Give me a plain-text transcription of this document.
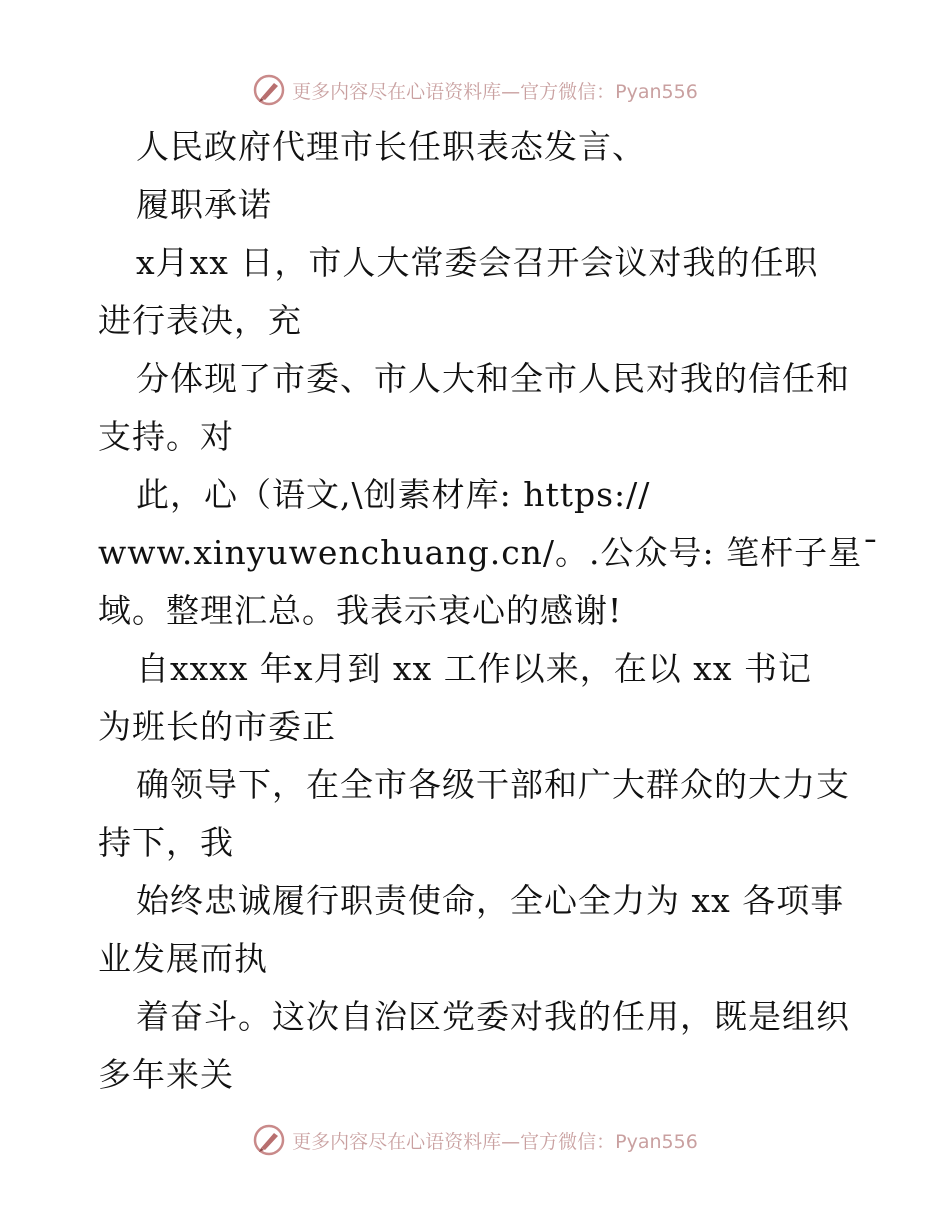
更多内容尽在心语资料库—官方微信：Pyan556
人民政府代理市长任职表态发言、
履职承诺
x月xx 日，市人大常委会召开会议对我的任职
进行表决，充
分体现了市委、市人大和全市人民对我的信任和
支持。对
此，心（语文,\创素材库: https://
www.xinyuwenchuang.cn/。.公众号: 笔杆子星¯
域。整理汇总。我表示衷心的感谢!
自xxxx 年x月到 xx 工作以来，在以 xx 书记
为班长的市委正
确领导下，在全市各级干部和广大群众的大力支
持下，我
始终忠诚履行职责使命，全心全力为 xx 各项事
业发展而执
着奋斗。这次自治区党委对我的任用，既是组织
多年来关
更多内容尽在心语资料库—官方微信：Pyan556
